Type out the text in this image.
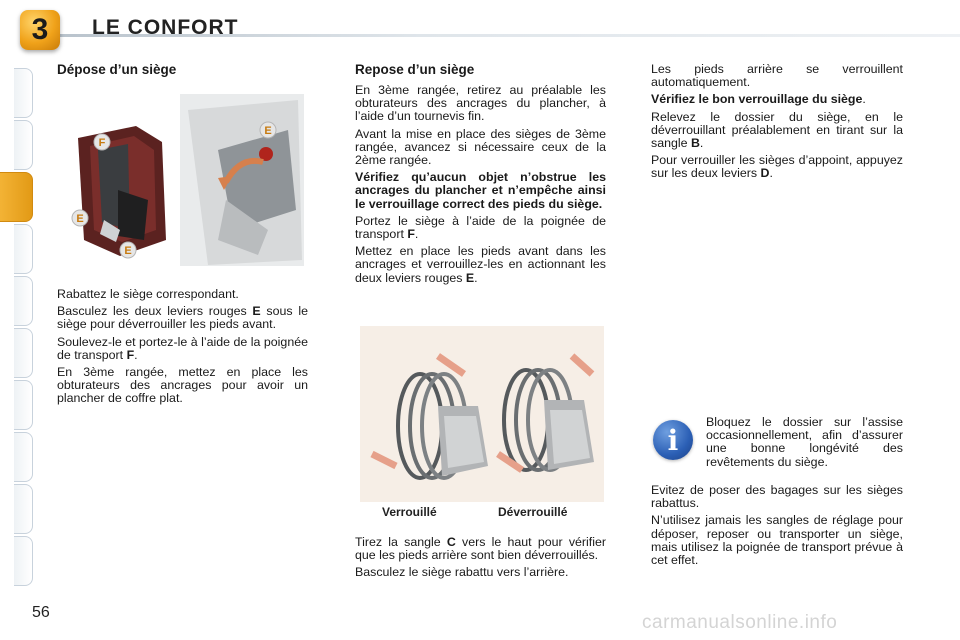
3	LE CONFORT
Dépose d’un siège
F
E
E
E

Rabattez le siège correspondant.

Basculez les deux leviers rouges E sous le siège pour déverrouiller les pieds avant.

Soulevez-le et portez-le à l’aide de la poignée de transport F.

En 3ème rangée, mettez en place les obturateurs des ancrages pour avoir un plancher de coffre plat.

Repose d’un siège

En 3ème rangée, retirez au préalable les obturateurs des ancrages du plancher, à l’aide d’un tournevis fin.

Avant la mise en place des sièges de 3ème rangée, avancez si nécessaire ceux de la 2ème rangée.

Vérifiez qu’aucun objet n’obstrue les ancrages du plancher et n’empêche ainsi le verrouillage correct des pieds du siège.

Portez le siège à l’aide de la poignée de transport F.

Mettez en place les pieds avant dans les ancrages et verrouillez-les en actionnant les deux leviers rouges E.

Verrouillé	Déverrouillé

Tirez la sangle C vers le haut pour vérifier que les pieds arrière sont bien déverrouillés.

Basculez le siège rabattu vers l’arrière.

Les pieds arrière se verrouillent automatiquement.

Vérifiez le bon verrouillage du siège.

Relevez le dossier du siège, en le déverrouillant préalablement en tirant sur la sangle B.

Pour verrouiller les sièges d’appoint, appuyez sur les deux leviers D.

i

Bloquez le dossier sur l’assise occasionnellement, afin d’assurer une bonne longévité des revêtements du siège.

Evitez de poser des bagages sur les sièges rabattus.

N’utilisez jamais les sangles de réglage pour déposer, reposer ou transporter un siège, mais utilisez la poignée de transport prévue à cet effet.

56	carmanualsonline.info
